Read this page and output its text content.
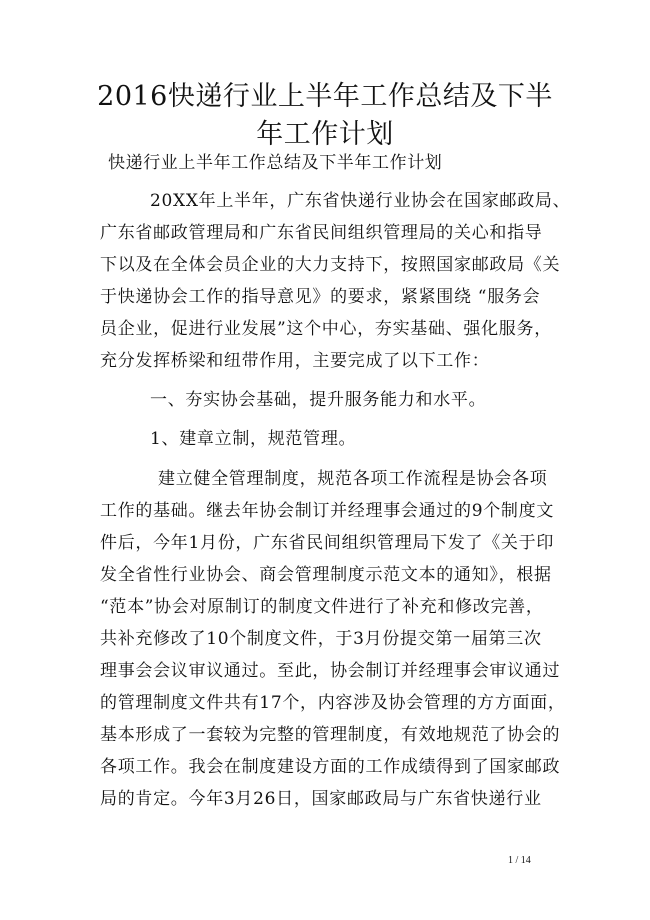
2016快递行业上半年工作总结及下半年工作计划
快递行业上半年工作总结及下半年工作计划
20XX年上半年，广东省快递行业协会在国家邮政局、
广东省邮政管理局和广东省民间组织管理局的关心和指导
下以及在全体会员企业的大力支持下，按照国家邮政局《关
于快递协会工作的指导意见》的要求，紧紧围绕 “服务会
员企业，促进行业发展”这个中心，夯实基础、强化服务，
充分发挥桥梁和纽带作用，主要完成了以下工作：
一、夯实协会基础，提升服务能力和水平。
1、建章立制，规范管理。
建立健全管理制度，规范各项工作流程是协会各项
工作的基础。继去年协会制订并经理事会通过的9个制度文
件后，今年1月份，广东省民间组织管理局下发了《关于印
发全省性行业协会、商会管理制度示范文本的通知》，根据
“范本”协会对原制订的制度文件进行了补充和修改完善，
共补充修改了10个制度文件，于3月份提交第一届第三次
理事会会议审议通过。至此，协会制订并经理事会审议通过
的管理制度文件共有17个，内容涉及协会管理的方方面面，
基本形成了一套较为完整的管理制度，有效地规范了协会的
各项工作。我会在制度建设方面的工作成绩得到了国家邮政
局的肯定。今年3月26日，国家邮政局与广东省快递行业
1 / 14
